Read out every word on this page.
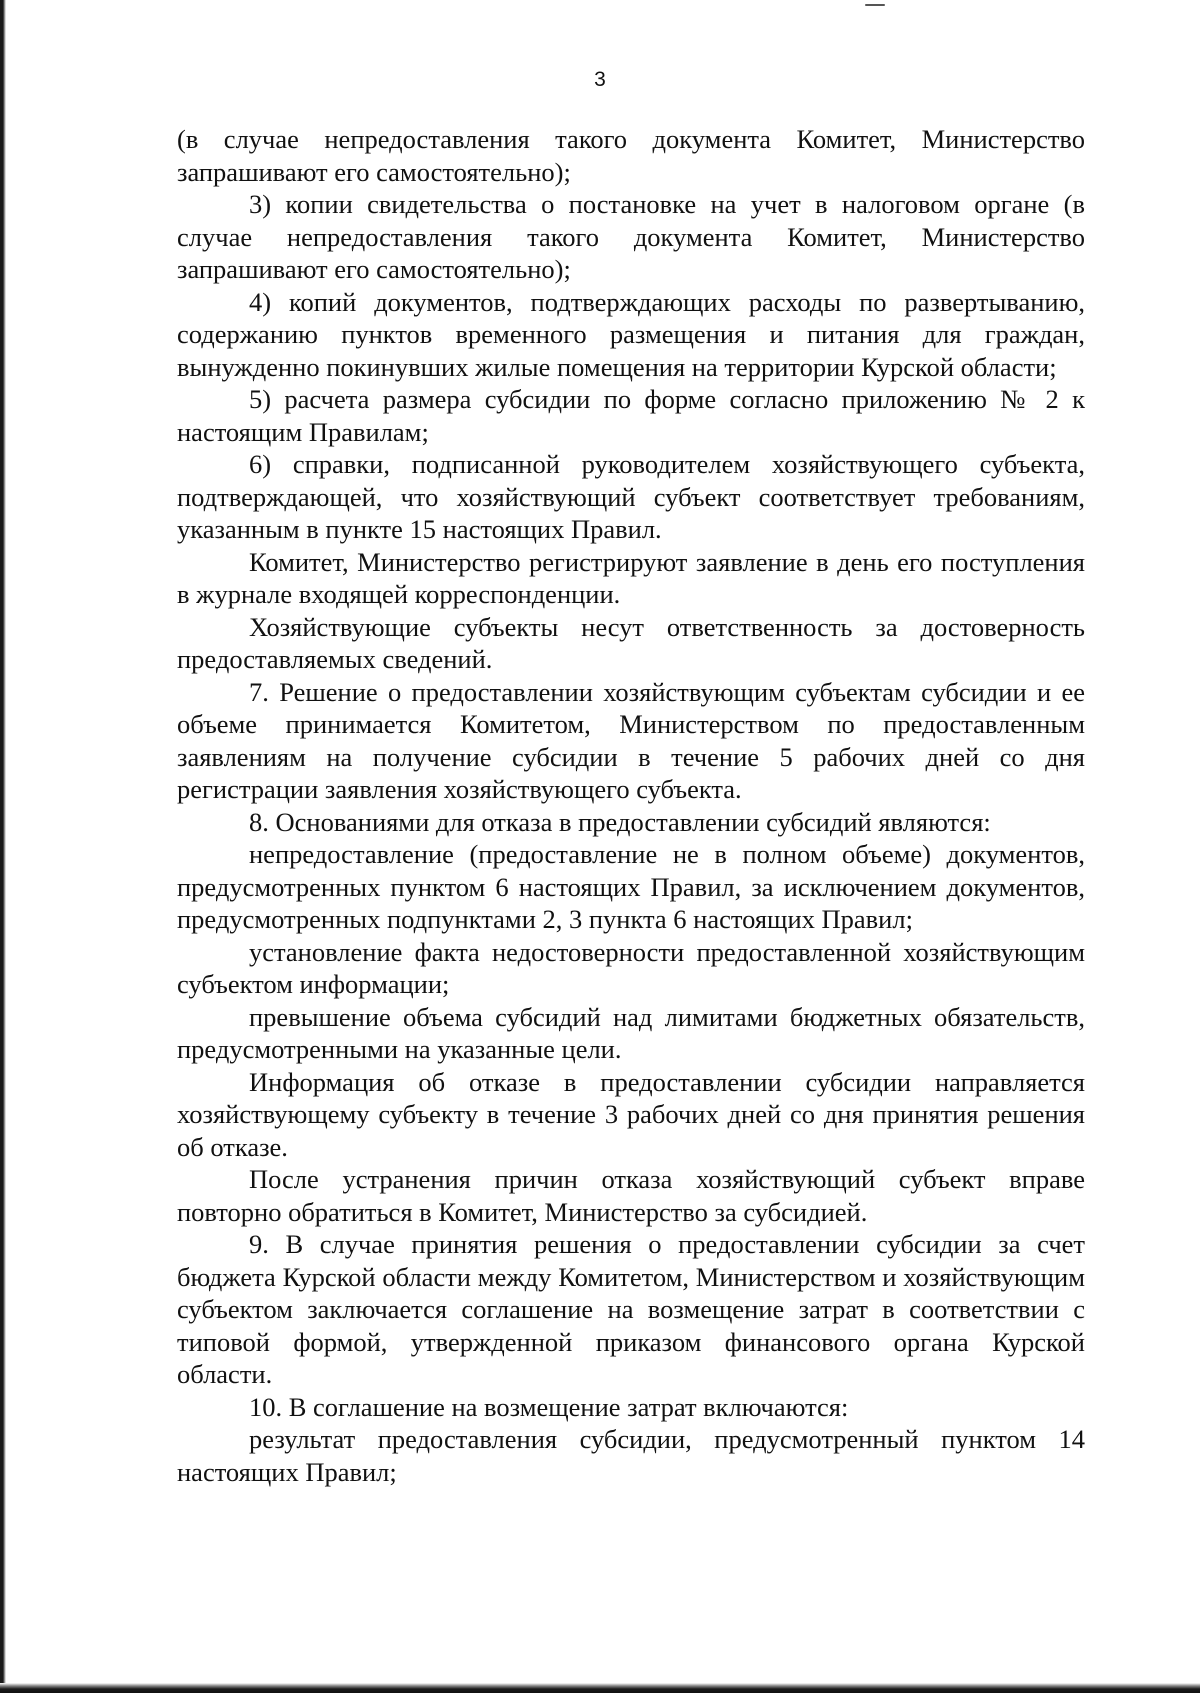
3

(в случае непредоставления такого документа Комитет, Министерство запрашивают его самостоятельно);

3) копии свидетельства о постановке на учет в налоговом органе (в случае непредоставления такого документа Комитет, Министерство запрашивают его самостоятельно);

4) копий документов, подтверждающих расходы по развертыванию, содержанию пунктов временного размещения и питания для граждан, вынужденно покинувших жилые помещения на территории Курской области;

5) расчета размера субсидии по форме согласно приложению № 2 к настоящим Правилам;

6) справки, подписанной руководителем хозяйствующего субъекта, подтверждающей, что хозяйствующий субъект соответствует требованиям, указанным в пункте 15 настоящих Правил.

Комитет, Министерство регистрируют заявление в день его поступления в журнале входящей корреспонденции.

Хозяйствующие субъекты несут ответственность за достоверность предоставляемых сведений.

7. Решение о предоставлении хозяйствующим субъектам субсидии и ее объеме принимается Комитетом, Министерством по предоставленным заявлениям на получение субсидии в течение 5 рабочих дней со дня регистрации заявления хозяйствующего субъекта.

8. Основаниями для отказа в предоставлении субсидий являются:

непредоставление (предоставление не в полном объеме) документов, предусмотренных пунктом 6 настоящих Правил, за исключением документов, предусмотренных подпунктами 2, 3 пункта 6 настоящих Правил;

установление факта недостоверности предоставленной хозяйствующим субъектом информации;

превышение объема субсидий над лимитами бюджетных обязательств, предусмотренными на указанные цели.

Информация об отказе в предоставлении субсидии направляется хозяйствующему субъекту в течение 3 рабочих дней со дня принятия решения об отказе.

После устранения причин отказа хозяйствующий субъект вправе повторно обратиться в Комитет, Министерство за субсидией.

9. В случае принятия решения о предоставлении субсидии за счет бюджета Курской области между Комитетом, Министерством и хозяйствующим субъектом заключается соглашение на возмещение затрат в соответствии с типовой формой, утвержденной приказом финансового органа Курской области.

10. В соглашение на возмещение затрат включаются:

результат предоставления субсидии, предусмотренный пунктом 14 настоящих Правил;
